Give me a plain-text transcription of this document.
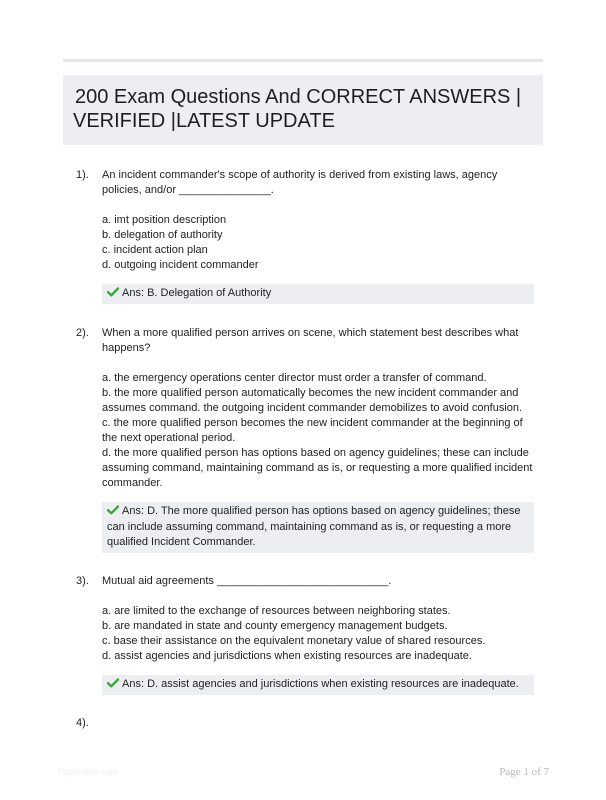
200 Exam Questions And CORRECT ANSWERS |
VERIFIED |LATEST UPDATE
1). An incident commander's scope of authority is derived from existing laws, agency policies, and/or _______________.
a. imt position description
b. delegation of authority
c. incident action plan
d. outgoing incident commander
Ans: B. Delegation of Authority
2). When a more qualified person arrives on scene, which statement best describes what happens?
a. the emergency operations center director must order a transfer of command.
b. the more qualified person automatically becomes the new incident commander and assumes command. the outgoing incident commander demobilizes to avoid confusion.
c. the more qualified person becomes the new incident commander at the beginning of the next operational period.
d. the more qualified person has options based on agency guidelines; these can include assuming command, maintaining command as is, or requesting a more qualified incident commander.
Ans: D. The more qualified person has options based on agency guidelines; these can include assuming command, maintaining command as is, or requesting a more qualified Incident Commander.
3). Mutual aid agreements ____________________________.
a. are limited to the exchange of resources between neighboring states.
b. are mandated in state and county emergency management budgets.
c. base their assistance on the equivalent monetary value of shared resources.
d. assist agencies and jurisdictions when existing resources are inadequate.
Ans: D. assist agencies and jurisdictions when existing resources are inadequate.
4).
Papertible.com	Page 1 of 7
